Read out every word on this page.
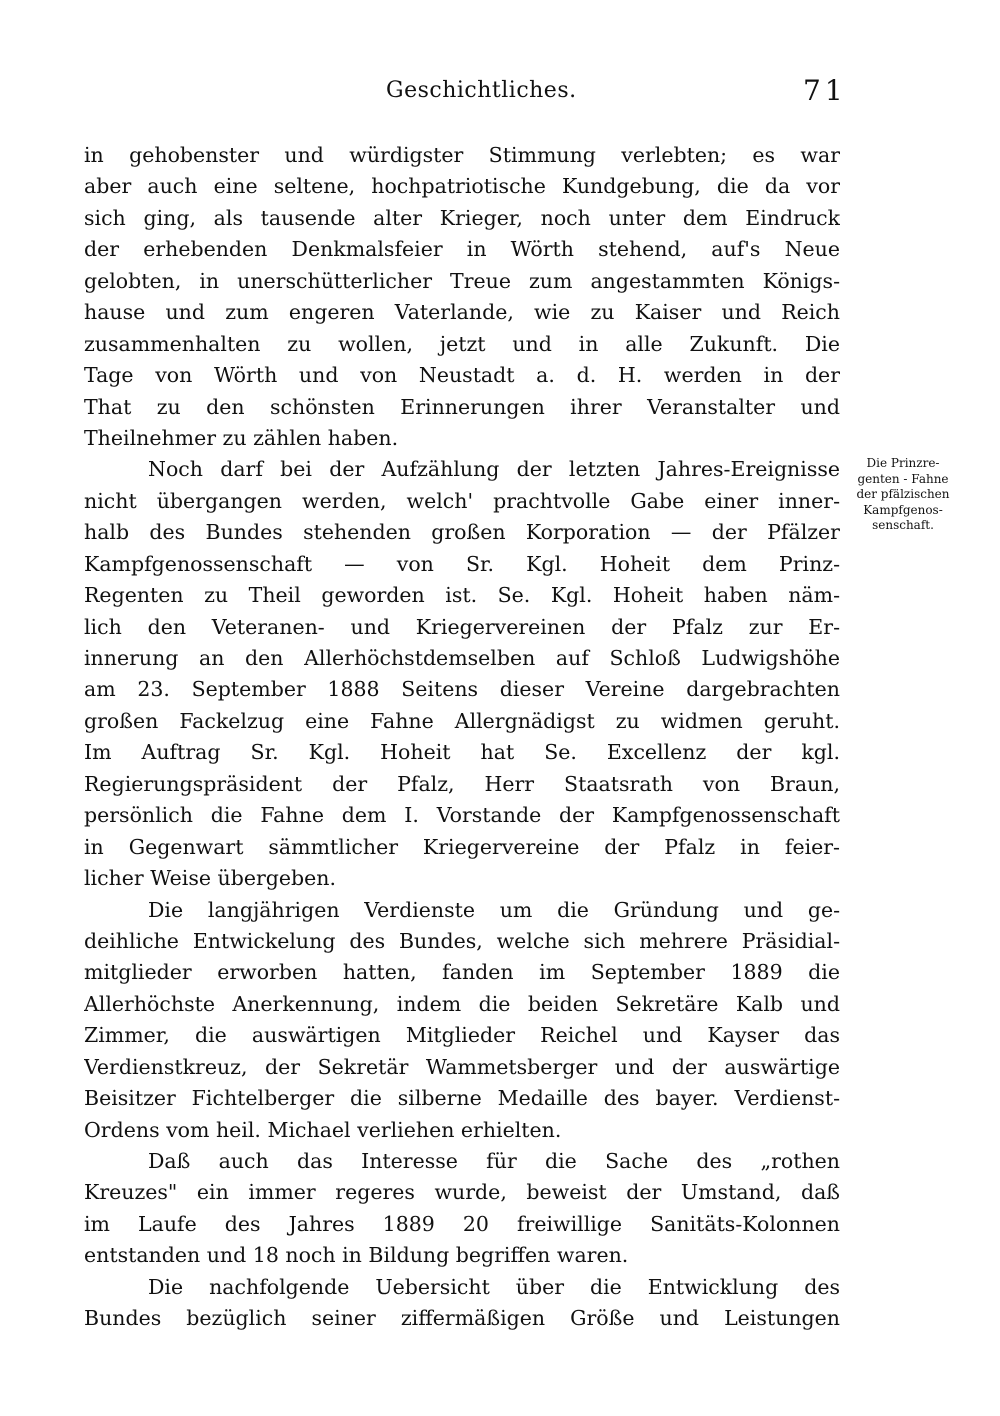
Geschichtliches.	71
in gehobenster und würdigster Stimmung verlebten; es war
aber auch eine seltene, hochpatriotische Kundgebung, die da vor
sich ging, als tausende alter Krieger, noch unter dem Eindruck
der erhebenden Denkmalsfeier in Wörth stehend, auf's Neue
gelobten, in unerschütterlicher Treue zum angestammten Königs-
hause und zum engeren Vaterlande, wie zu Kaiser und Reich
zusammenhalten zu wollen, jetzt und in alle Zukunft. Die
Tage von Wörth und von Neustadt a. d. H. werden in der
That zu den schönsten Erinnerungen ihrer Veranstalter und
Theilnehmer zu zählen haben.
Noch darf bei der Aufzählung der letzten Jahres-Ereignisse
nicht übergangen werden, welch' prachtvolle Gabe einer inner-
halb des Bundes stehenden großen Korporation — der Pfälzer
Kampfgenossenschaft — von Sr. Kgl. Hoheit dem Prinz-
Regenten zu Theil geworden ist. Se. Kgl. Hoheit haben näm-
lich den Veteranen- und Kriegervereinen der Pfalz zur Er-
innerung an den Allerhöchstdemselben auf Schloß Ludwigshöhe
am 23. September 1888 Seitens dieser Vereine dargebrachten
großen Fackelzug eine Fahne Allergnädigst zu widmen geruht.
Im Auftrag Sr. Kgl. Hoheit hat Se. Excellenz der kgl.
Regierungspräsident der Pfalz, Herr Staatsrath von Braun,
persönlich die Fahne dem I. Vorstande der Kampfgenossenschaft
in Gegenwart sämmtlicher Kriegervereine der Pfalz in feier-
licher Weise übergeben.
Die langjährigen Verdienste um die Gründung und ge-
deihliche Entwickelung des Bundes, welche sich mehrere Präsidial-
mitglieder erworben hatten, fanden im September 1889 die
Allerhöchste Anerkennung, indem die beiden Sekretäre Kalb und
Zimmer, die auswärtigen Mitglieder Reichel und Kayser das
Verdienstkreuz, der Sekretär Wammetsberger und der auswärtige
Beisitzer Fichtelberger die silberne Medaille des bayer. Verdienst-
Ordens vom heil. Michael verliehen erhielten.
Daß auch das Interesse für die Sache des „rothen
Kreuzes" ein immer regeres wurde, beweist der Umstand, daß
im Laufe des Jahres 1889 20 freiwillige Sanitäts-Kolonnen
entstanden und 18 noch in Bildung begriffen waren.
Die nachfolgende Uebersicht über die Entwicklung des
Bundes bezüglich seiner ziffermäßigen Größe und Leistungen
Die Prinzre-
genten - Fahne
der pfälzischen
Kampfgenos-
senschaft.
